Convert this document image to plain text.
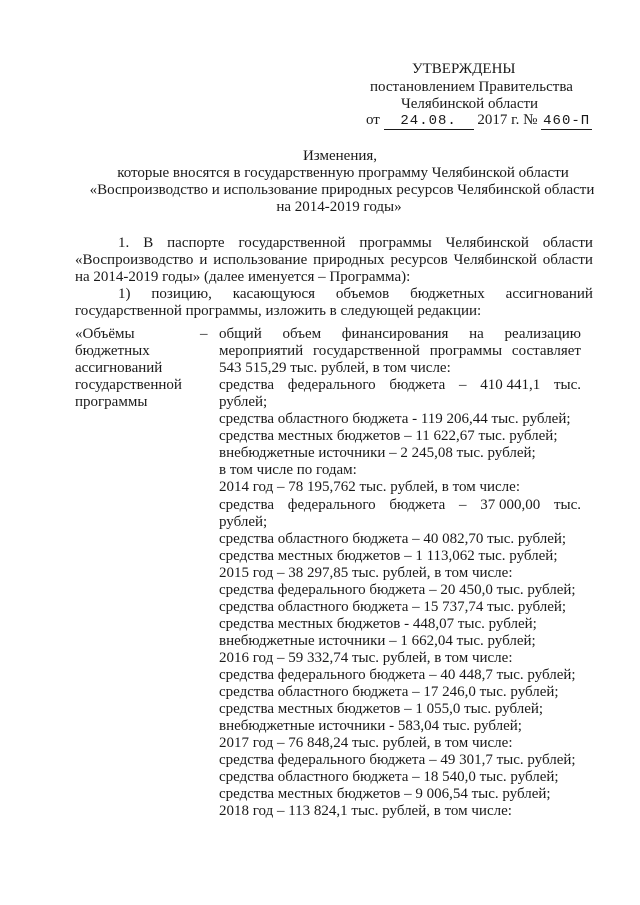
УТВЕРЖДЕНЫ
постановлением Правительства
Челябинской области
от 24.08. 2017 г. № 460-П
Изменения,
которые вносятся в государственную программу Челябинской области
«Воспроизводство и использование природных ресурсов Челябинской области
на 2014-2019 годы»
1. В паспорте государственной программы Челябинской области
«Воспроизводство и использование природных ресурсов Челябинской области
на 2014-2019 годы» (далее именуется – Программа):
1) позицию, касающуюся объемов бюджетных ассигнований
государственной программы, изложить в следующей редакции:
«Объёмы
бюджетных
ассигнований
государственной
программы
– общий объем финансирования на реализацию
мероприятий государственной программы составляет
543 515,29 тыс. рублей, в том числе:
средства федерального бюджета – 410 441,1 тыс.
рублей;
средства областного бюджета - 119 206,44 тыс. рублей;
средства местных бюджетов – 11 622,67 тыс. рублей;
внебюджетные источники – 2 245,08 тыс. рублей;
в том числе по годам:
2014 год – 78 195,762 тыс. рублей, в том числе:
средства федерального бюджета – 37 000,00 тыс.
рублей;
средства областного бюджета – 40 082,70 тыс. рублей;
средства местных бюджетов – 1 113,062 тыс. рублей;
2015 год – 38 297,85 тыс. рублей, в том числе:
средства федерального бюджета – 20 450,0 тыс. рублей;
средства областного бюджета – 15 737,74 тыс. рублей;
средства местных бюджетов - 448,07 тыс. рублей;
внебюджетные источники – 1 662,04 тыс. рублей;
2016 год – 59 332,74 тыс. рублей, в том числе:
средства федерального бюджета – 40 448,7 тыс. рублей;
средства областного бюджета – 17 246,0 тыс. рублей;
средства местных бюджетов – 1 055,0 тыс. рублей;
внебюджетные источники - 583,04 тыс. рублей;
2017 год – 76 848,24 тыс. рублей, в том числе:
средства федерального бюджета – 49 301,7 тыс. рублей;
средства областного бюджета – 18 540,0 тыс. рублей;
средства местных бюджетов – 9 006,54 тыс. рублей;
2018 год – 113 824,1 тыс. рублей, в том числе:
